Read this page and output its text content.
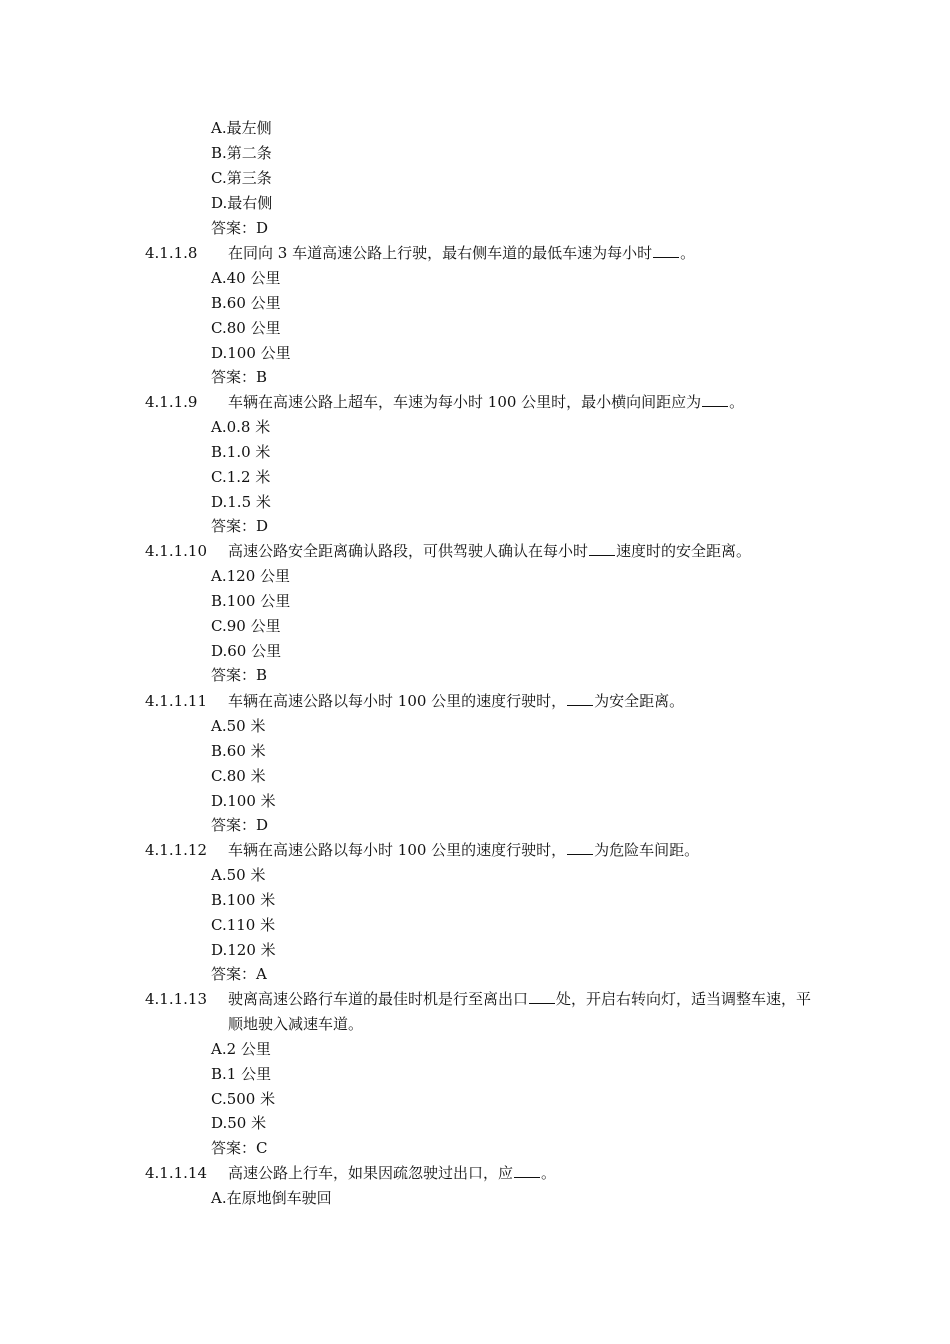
A.最左侧
B.第二条
C.第三条
D.最右侧
答案：D
4.1.1.8	在同向 3 车道高速公路上行驶，最右侧车道的最低车速为每小时 。
A.40 公里
B.60 公里
C.80 公里
D.100 公里
答案：B
4.1.1.9	车辆在高速公路上超车，车速为每小时 100 公里时，最小横向间距应为 。
A.0.8 米
B.1.0 米
C.1.2 米
D.1.5 米
答案：D
4.1.1.10	高速公路安全距离确认路段，可供驾驶人确认在每小时 速度时的安全距离。
A.120 公里
B.100 公里
C.90 公里
D.60 公里
答案：B
4.1.1.11	车辆在高速公路以每小时 100 公里的速度行驶时， 为安全距离。
A.50 米
B.60 米
C.80 米
D.100 米
答案：D
4.1.1.12	车辆在高速公路以每小时 100 公里的速度行驶时， 为危险车间距。
A.50 米
B.100 米
C.110 米
D.120 米
答案：A
4.1.1.13	驶离高速公路行车道的最佳时机是行至离出口 处，开启右转向灯，适当调整车速，平顺地驶入减速车道。
A.2 公里
B.1 公里
C.500 米
D.50 米
答案：C
4.1.1.14	高速公路上行车，如果因疏忽驶过出口，应 。
A.在原地倒车驶回
